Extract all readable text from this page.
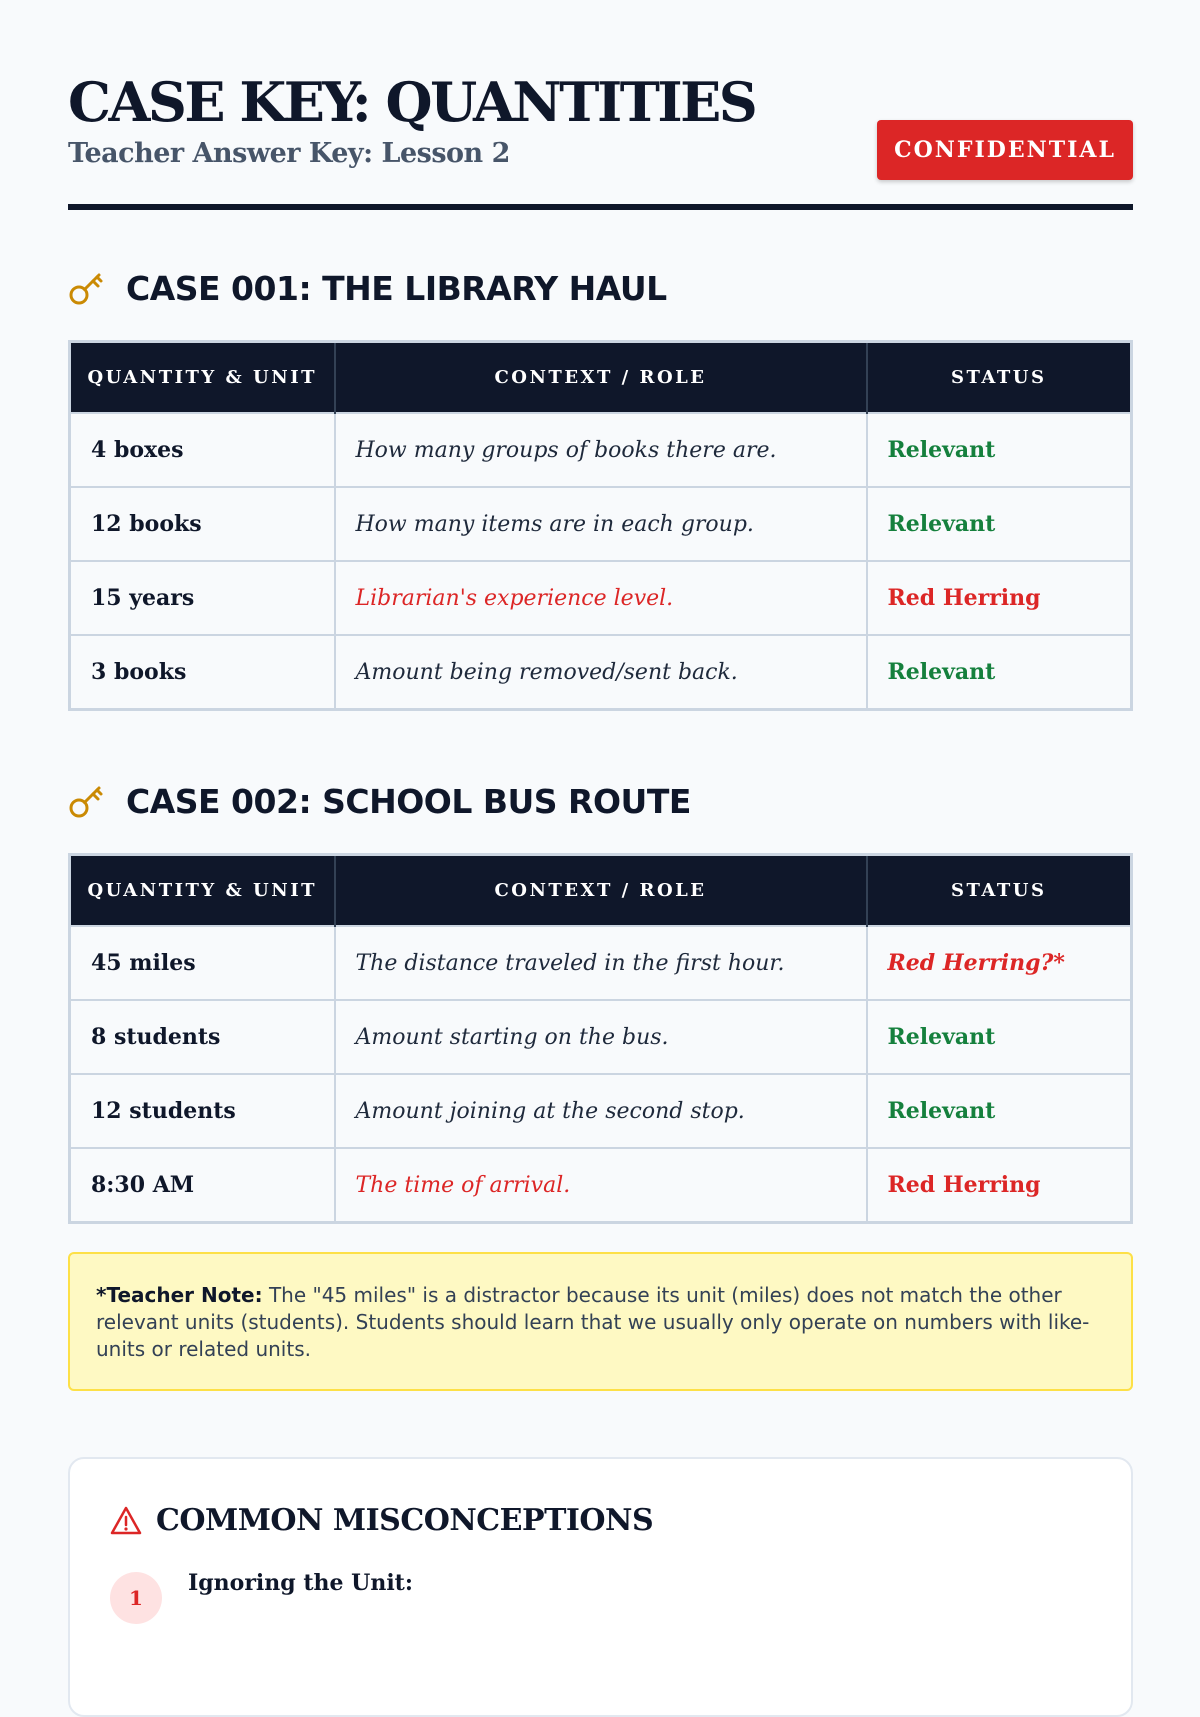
CASE KEY: QUANTITIES
Teacher Answer Key: Lesson 2	CONFIDENTIAL
CASE 001: THE LIBRARY HAUL
QUANTITY & UNIT	CONTEXT / ROLE	STATUS
4 boxes	How many groups of books there are.	Relevant
12 books	How many items are in each group.	Relevant
15 years	Librarian's experience level.	Red Herring
3 books	Amount being removed/sent back.	Relevant
CASE 002: SCHOOL BUS ROUTE
QUANTITY & UNIT	CONTEXT / ROLE	STATUS
45 miles	The distance traveled in the first hour.	Red Herring?*
8 students	Amount starting on the bus.	Relevant
12 students	Amount joining at the second stop.	Relevant
8:30 AM	The time of arrival.	Red Herring
*Teacher Note: The "45 miles" is a distractor because its unit (miles) does not match the other relevant units (students). Students should learn that we usually only operate on numbers with like-units or related units.
COMMON MISCONCEPTIONS
1
Ignoring the Unit:
